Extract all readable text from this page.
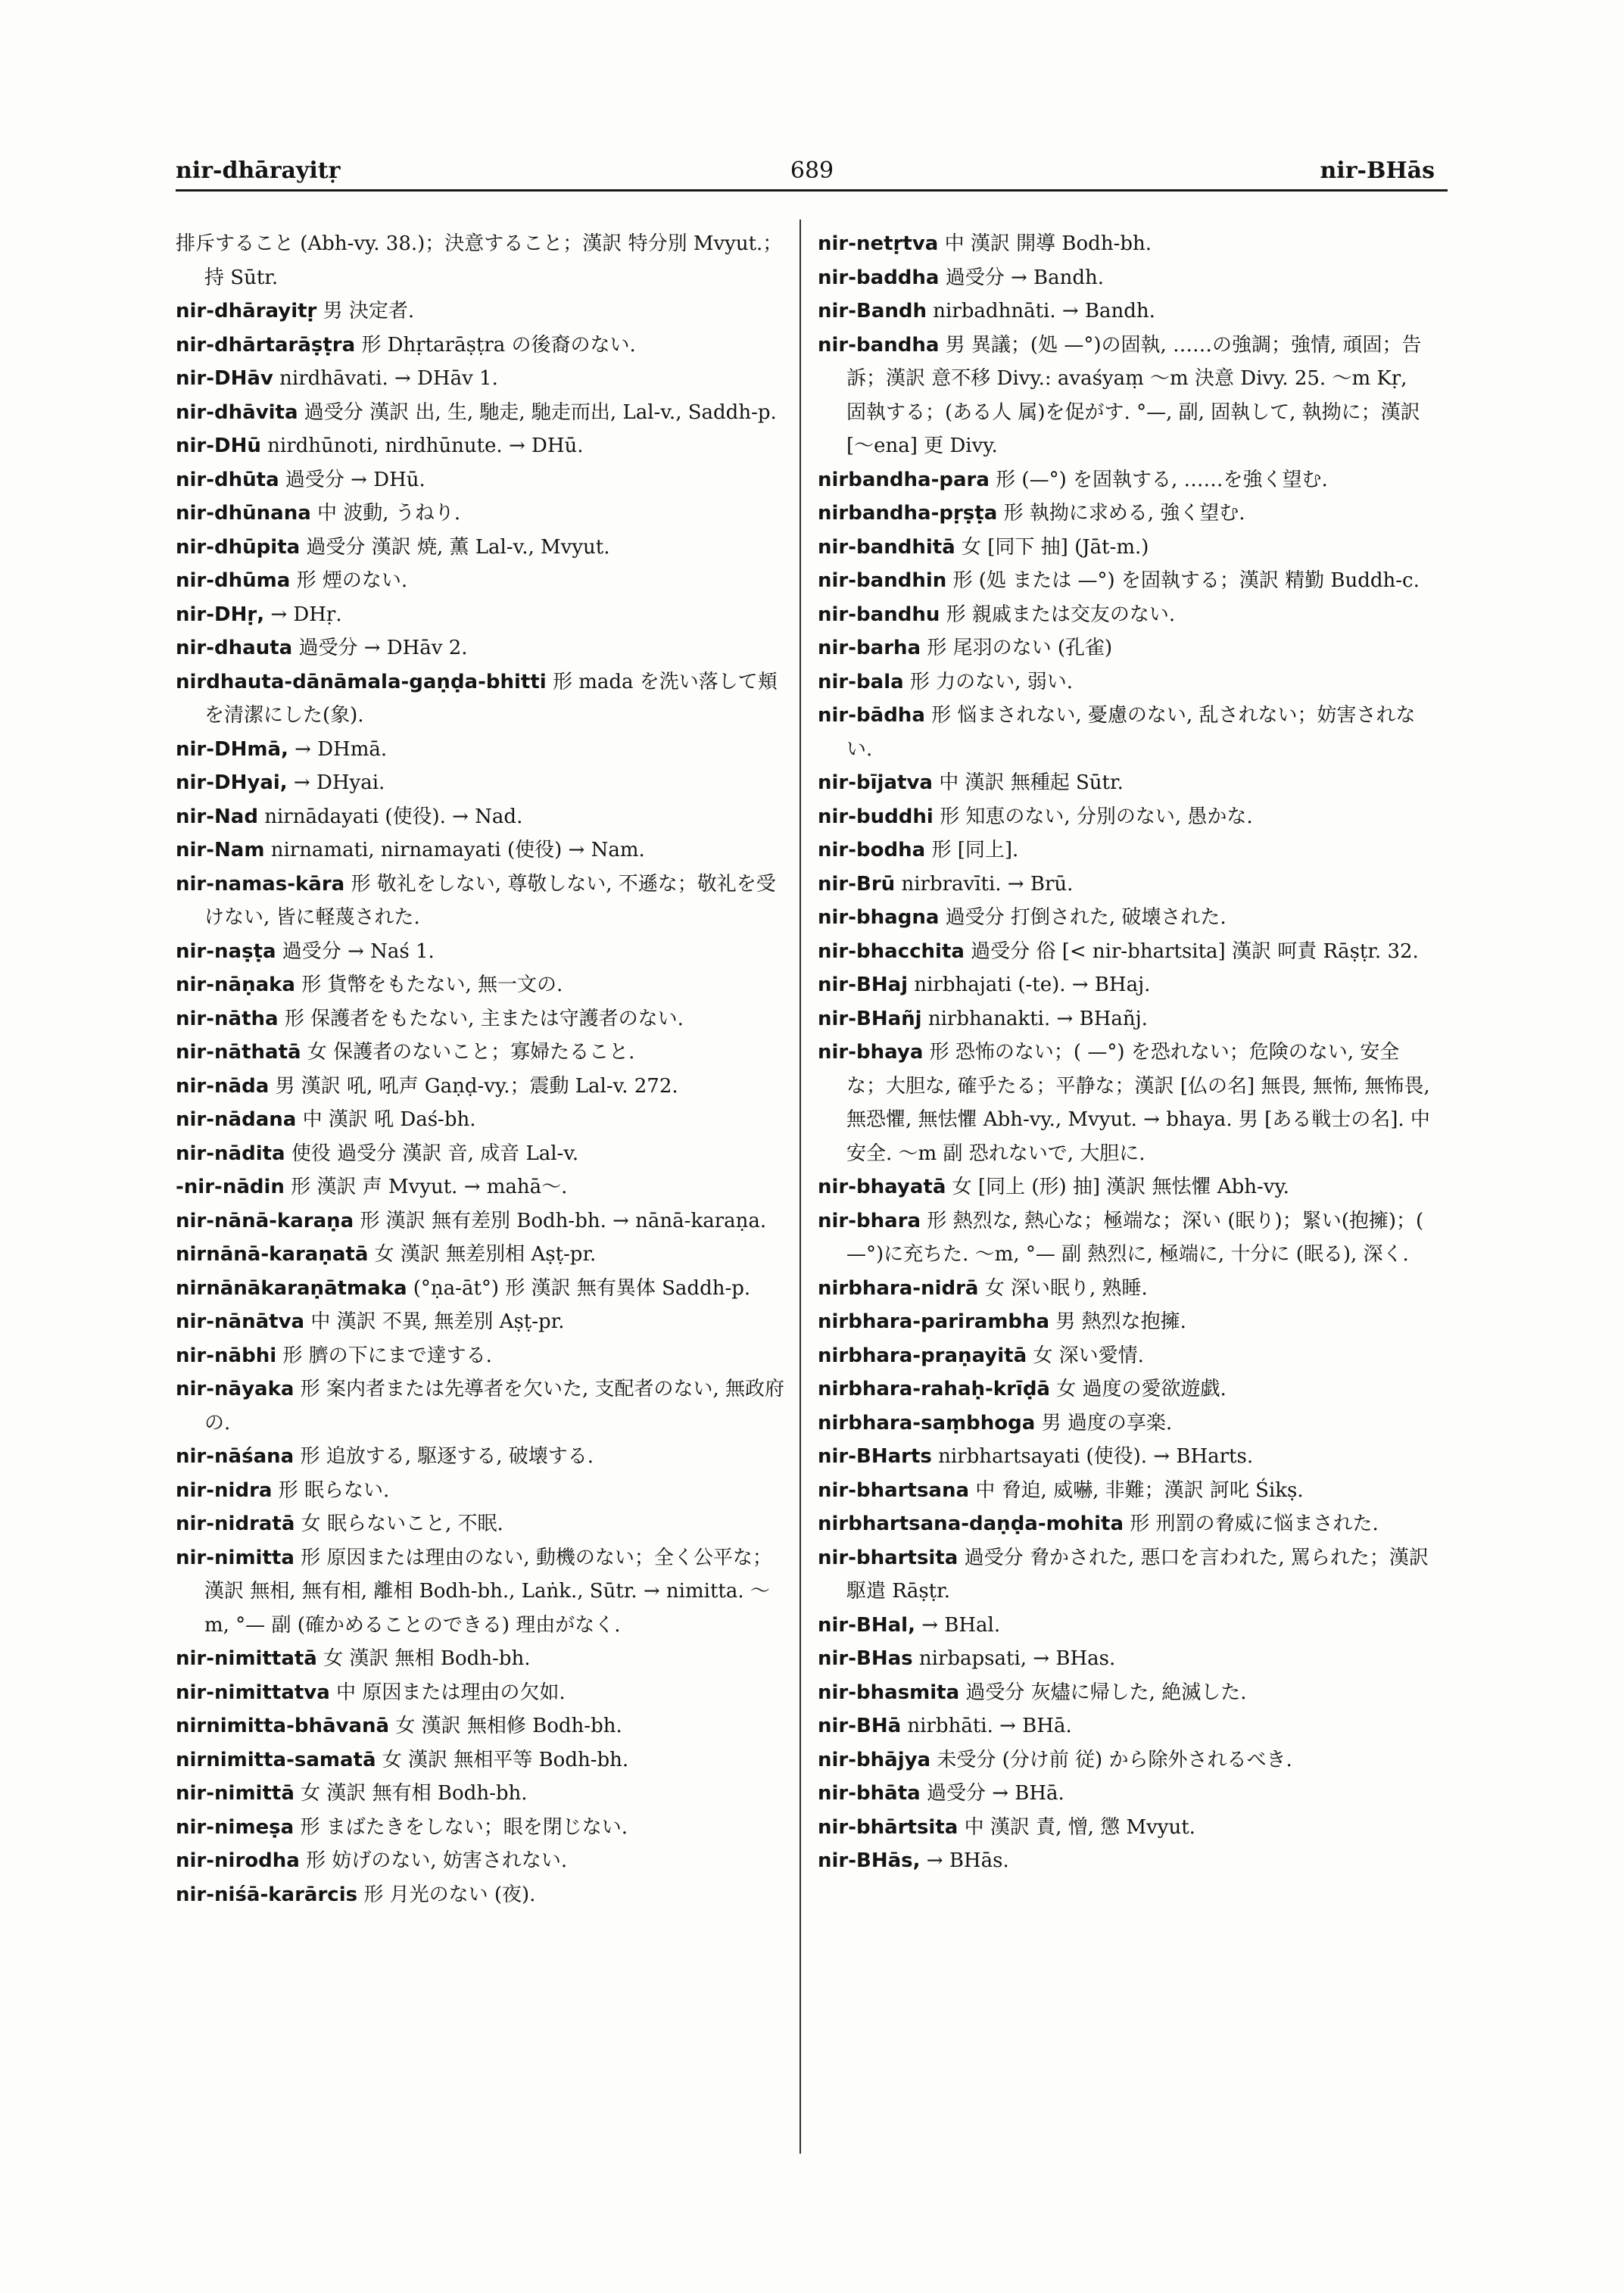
nir-dhārayitṛ	689	nir-BHās
排斥すること (Abh-vy. 38.)；決意すること；漢訳 特分別 Mvyut.；持 Sūtr.
nir-dhārayitṛ 男 決定者.
nir-dhārtarāṣṭra 形 Dhṛtarāṣṭra の後裔のない.
nir-DHāv nirdhāvati. → DHāv 1.
nir-dhāvita 過受分 漢訳 出, 生, 馳走, 馳走而出, Lal-v., Saddh-p.
nir-DHū nirdhūnoti, nirdhūnute. → DHū.
nir-dhūta 過受分 → DHū.
nir-dhūnana 中 波動, うねり.
nir-dhūpita 過受分 漢訳 焼, 薫 Lal-v., Mvyut.
nir-dhūma 形 煙のない.
nir-DHṛ, → DHṛ.
nir-dhauta 過受分 → DHāv 2.
nirdhauta-dānāmala-gaṇḍa-bhitti 形 mada を洗い落して頬を清潔にした(象).
nir-DHmā, → DHmā.
nir-DHyai, → DHyai.
nir-Nad nirnādayati (使役). → Nad.
nir-Nam nirnamati, nirnamayati (使役) → Nam.
nir-namas-kāra 形 敬礼をしない, 尊敬しない, 不遜な；敬礼を受けない, 皆に軽蔑された.
nir-naṣṭa 過受分 → Naś 1.
nir-nāṇaka 形 貨幣をもたない, 無一文の.
nir-nātha 形 保護者をもたない, 主または守護者のない.
nir-nāthatā 女 保護者のないこと；寡婦たること.
nir-nāda 男 漢訳 吼, 吼声 Gaṇḍ-vy.；震動 Lal-v. 272.
nir-nādana 中 漢訳 吼 Daś-bh.
nir-nādita 使役 過受分 漢訳 音, 成音 Lal-v.
-nir-nādin 形 漢訳 声 Mvyut. → mahā～.
nir-nānā-karaṇa 形 漢訳 無有差別 Bodh-bh. → nānā-karaṇa.
nirnānā-karaṇatā 女 漢訳 無差別相 Aṣṭ-pr.
nirnānākaraṇātmaka (°ṇa-āt°) 形 漢訳 無有異体 Saddh-p.
nir-nānātva 中 漢訳 不異, 無差別 Aṣṭ-pr.
nir-nābhi 形 臍の下にまで達する.
nir-nāyaka 形 案内者または先導者を欠いた, 支配者のない, 無政府の.
nir-nāśana 形 追放する, 駆逐する, 破壊する.
nir-nidra 形 眠らない.
nir-nidratā 女 眠らないこと, 不眠.
nir-nimitta 形 原因または理由のない, 動機のない；全く公平な；漢訳 無相, 無有相, 離相 Bodh-bh., Laṅk., Sūtr. → nimitta. ～m, °— 副 (確かめることのできる) 理由がなく.
nir-nimittatā 女 漢訳 無相 Bodh-bh.
nir-nimittatva 中 原因または理由の欠如.
nirnimitta-bhāvanā 女 漢訳 無相修 Bodh-bh.
nirnimitta-samatā 女 漢訳 無相平等 Bodh-bh.
nir-nimittā 女 漢訳 無有相 Bodh-bh.
nir-nimeṣa 形 まばたきをしない；眼を閉じない.
nir-nirodha 形 妨げのない, 妨害されない.
nir-niśā-karārcis 形 月光のない (夜).
nir-netṛtva 中 漢訳 開導 Bodh-bh.
nir-baddha 過受分 → Bandh.
nir-Bandh nirbadhnāti. → Bandh.
nir-bandha 男 異議；(処 —°)の固執, ……の強調；強情, 頑固；告訴；漢訳 意不移 Divy.: avaśyaṃ ～m 決意 Divy. 25. ～m Kṛ, 固執する；(ある人 属)を促がす. °—, 副, 固執して, 執拗に；漢訳 [～ena] 更 Divy.
nirbandha-para 形 (—°) を固執する, ……を強く望む.
nirbandha-pṛṣṭa 形 執拗に求める, 強く望む.
nir-bandhitā 女 [同下 抽] (Jāt-m.)
nir-bandhin 形 (処 または —°) を固執する；漢訳 精勤 Buddh-c.
nir-bandhu 形 親戚または交友のない.
nir-barha 形 尾羽のない (孔雀)
nir-bala 形 力のない, 弱い.
nir-bādha 形 悩まされない, 憂慮のない, 乱されない；妨害されない.
nir-bījatva 中 漢訳 無種起 Sūtr.
nir-buddhi 形 知恵のない, 分別のない, 愚かな.
nir-bodha 形 [同上].
nir-Brū nirbravīti. → Brū.
nir-bhagna 過受分 打倒された, 破壊された.
nir-bhacchita 過受分 俗 [< nir-bhartsita] 漢訳 呵責 Rāṣṭr. 32.
nir-BHaj nirbhajati (-te). → BHaj.
nir-BHañj nirbhanakti. → BHañj.
nir-bhaya 形 恐怖のない；( —°) を恐れない；危険のない, 安全な；大胆な, 確乎たる；平静な；漢訳 [仏の名] 無畏, 無怖, 無怖畏, 無恐懼, 無怯懼 Abh-vy., Mvyut. → bhaya. 男 [ある戦士の名]. 中 安全. ～m 副 恐れないで, 大胆に.
nir-bhayatā 女 [同上 (形) 抽] 漢訳 無怯懼 Abh-vy.
nir-bhara 形 熱烈な, 熱心な；極端な；深い (眠り)；緊い(抱擁)；( —°)に充ちた. ～m, °— 副 熱烈に, 極端に, 十分に (眠る), 深く.
nirbhara-nidrā 女 深い眠り, 熟睡.
nirbhara-parirambha 男 熱烈な抱擁.
nirbhara-praṇayitā 女 深い愛情.
nirbhara-rahaḥ-krīḍā 女 過度の愛欲遊戯.
nirbhara-saṃbhoga 男 過度の享楽.
nir-BHarts nirbhartsayati (使役). → BHarts.
nir-bhartsana 中 脅迫, 威嚇, 非難；漢訳 訶叱 Śikṣ.
nirbhartsana-daṇḍa-mohita 形 刑罰の脅威に悩まされた.
nir-bhartsita 過受分 脅かされた, 悪口を言われた, 罵られた；漢訳 駆遣 Rāṣṭr.
nir-BHal, → BHal.
nir-BHas nirbapsati, → BHas.
nir-bhasmita 過受分 灰燼に帰した, 絶滅した.
nir-BHā nirbhāti. → BHā.
nir-bhājya 未受分 (分け前 従) から除外されるべき.
nir-bhāta 過受分 → BHā.
nir-bhārtsita 中 漢訳 責, 憎, 懲 Mvyut.
nir-BHās, → BHās.
